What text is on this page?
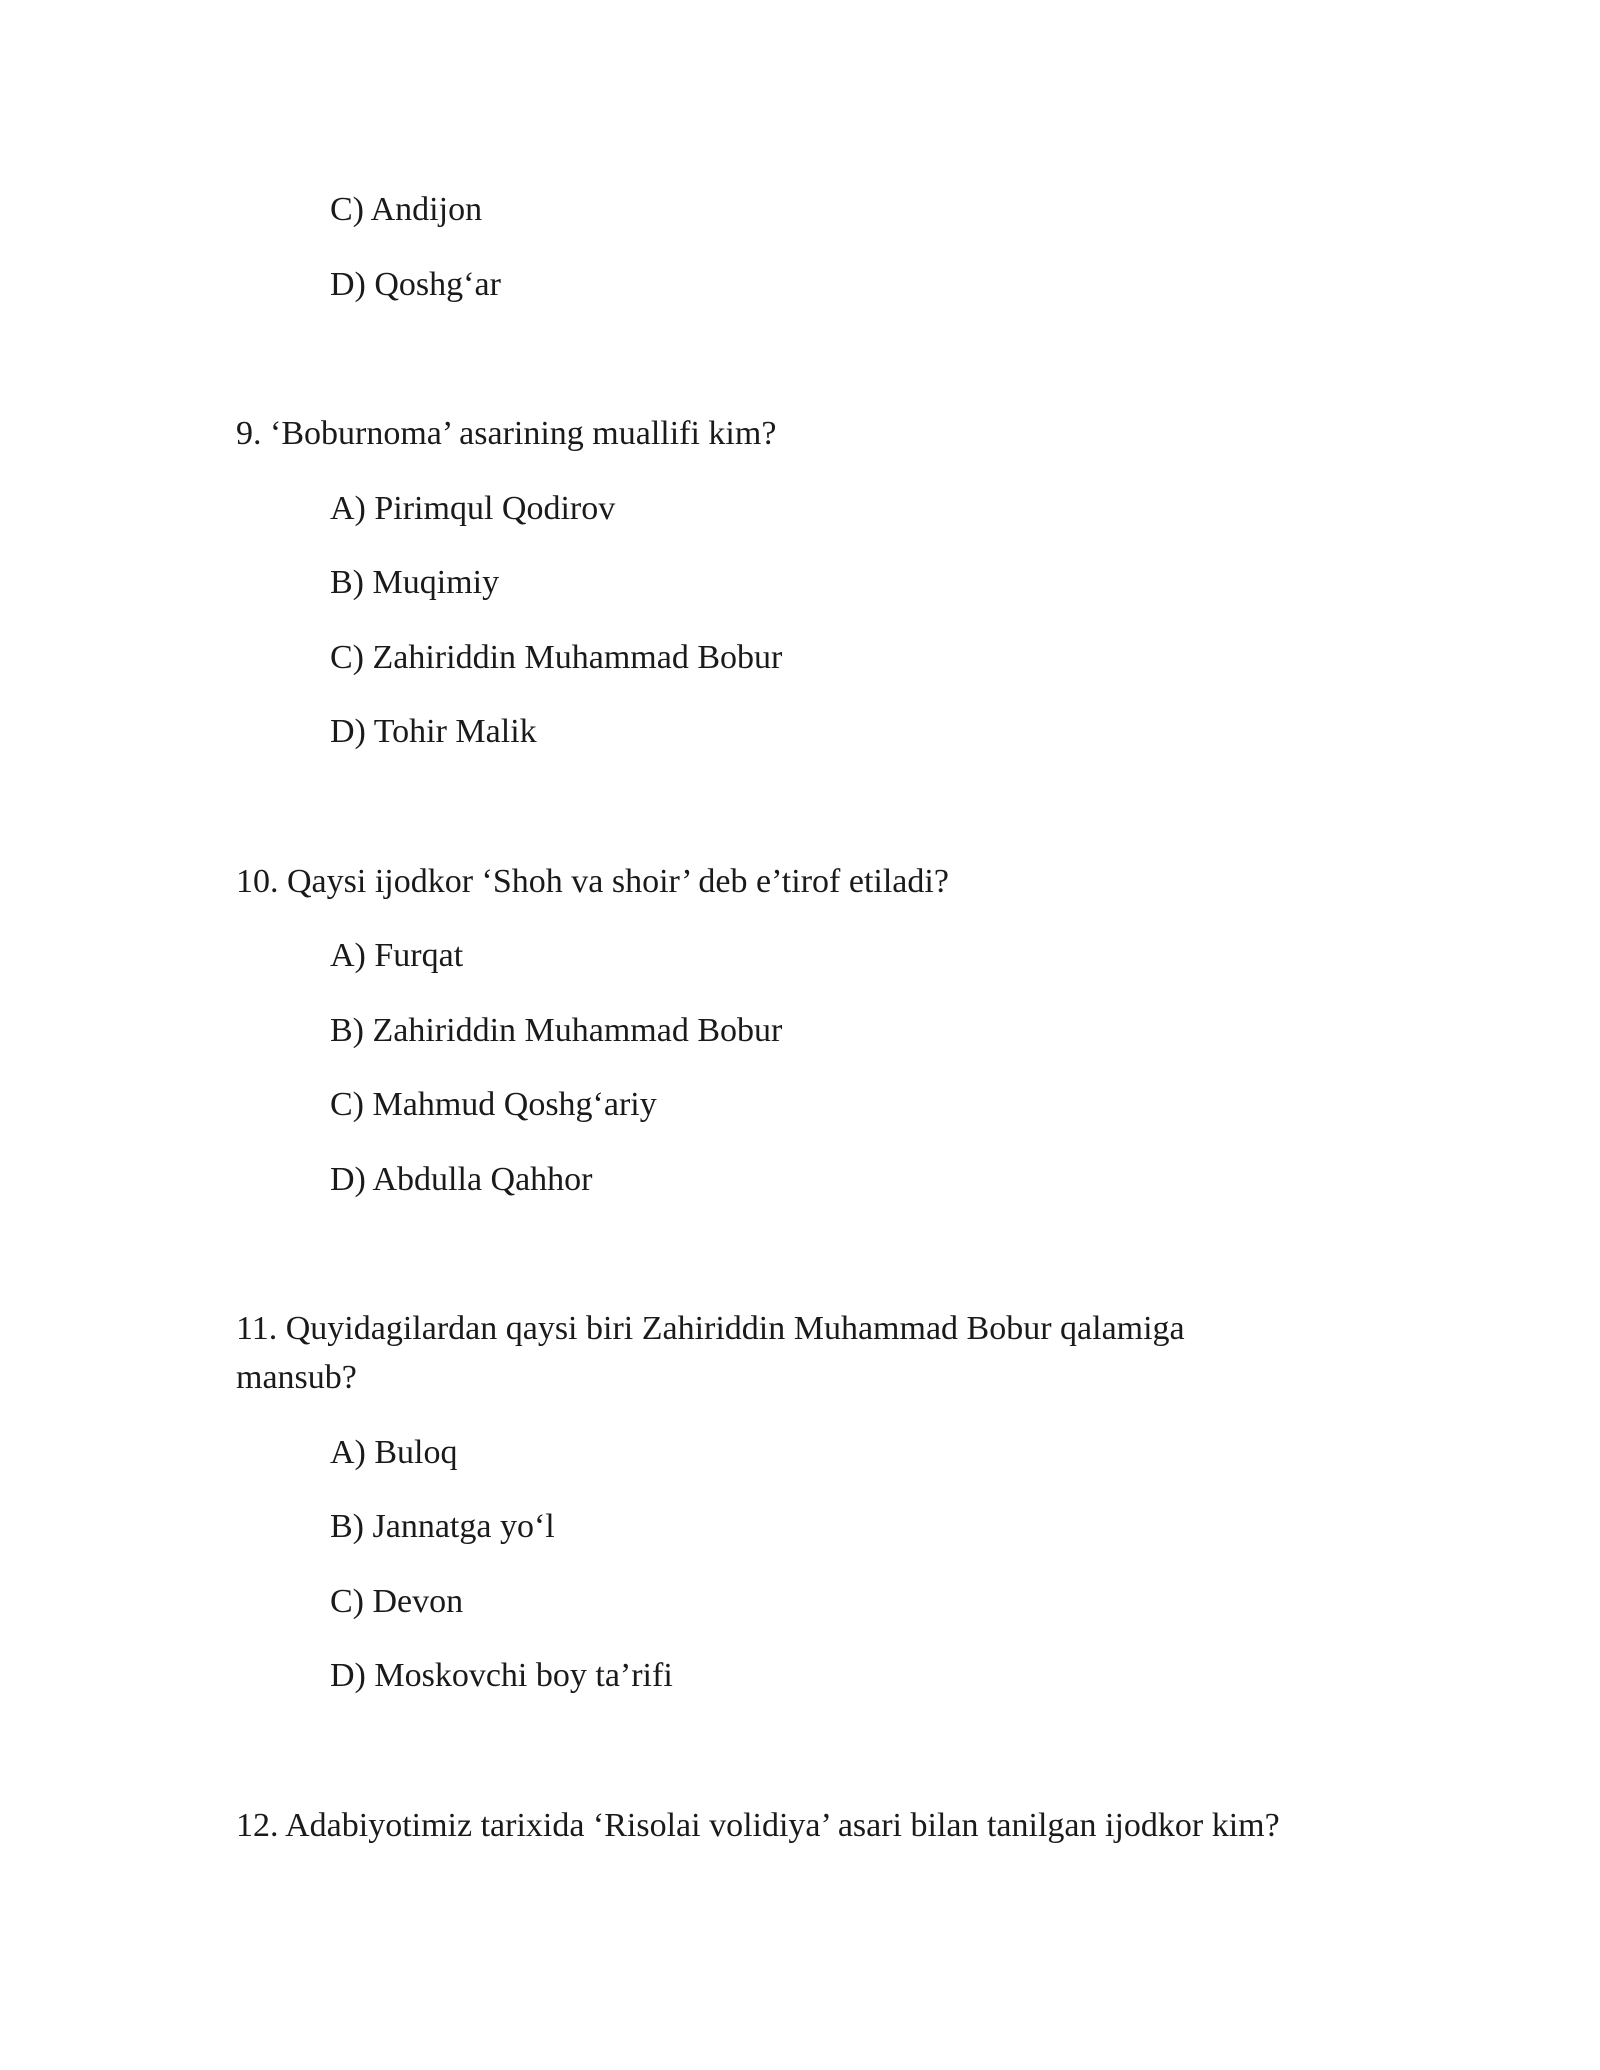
C) Andijon
D) Qoshg‘ar
9. ‘Boburnoma’ asarining muallifi kim?
A) Pirimqul Qodirov
B) Muqimiy
C) Zahiriddin Muhammad Bobur
D) Tohir Malik
10. Qaysi ijodkor ‘Shoh va shoir’ deb e’tirof etiladi?
A) Furqat
B) Zahiriddin Muhammad Bobur
C) Mahmud Qoshg‘ariy
D) Abdulla Qahhor
11. Quyidagilardan qaysi biri Zahiriddin Muhammad Bobur qalamiga
mansub?
A) Buloq
B) Jannatga yo‘l
C) Devon
D) Moskovchi boy ta’rifi
12. Adabiyotimiz tarixida ‘Risolai volidiya’ asari bilan tanilgan ijodkor kim?
